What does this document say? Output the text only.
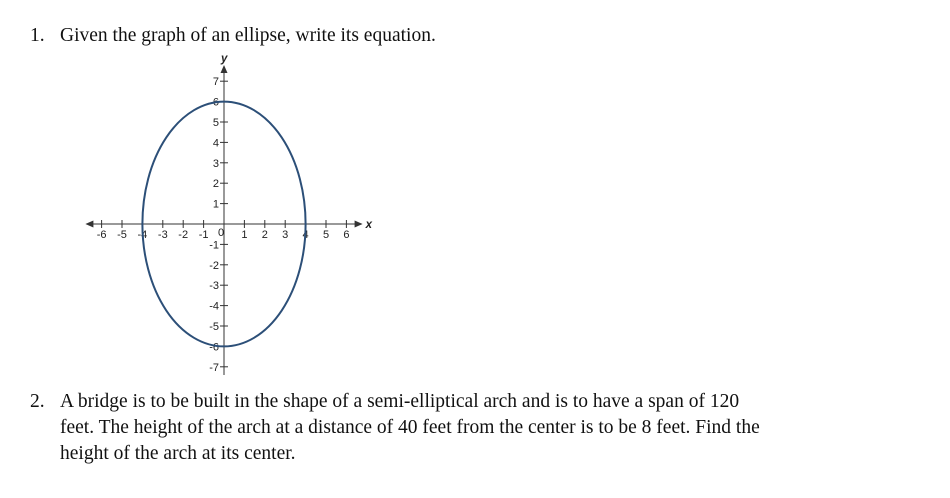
1. Given the graph of an ellipse, write its equation.
x
y
-6 -5 -4 -3 -2 -1	1 2 3 4 5 6
7
6
5
4
3
2
1
-1
-2
-3
-4
-5
-6
-7
0
2. A bridge is to be built in the shape of a semi-elliptical arch and is to have a span of 120
feet. The height of the arch at a distance of 40 feet from the center is to be 8 feet. Find the
height of the arch at its center.
